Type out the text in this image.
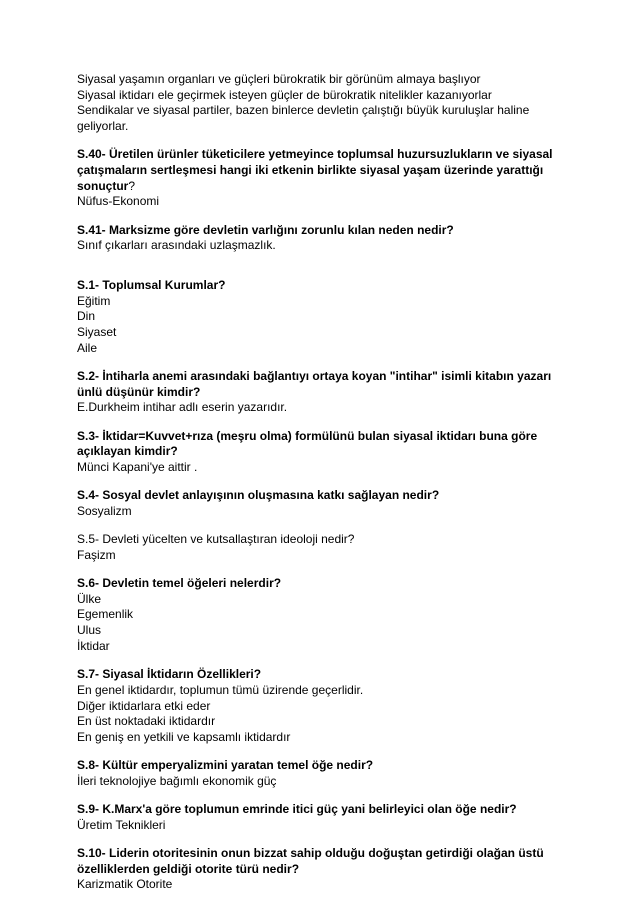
Siyasal yaşamın organları ve güçleri bürokratik bir görünüm almaya başlıyor
Siyasal iktidarı ele geçirmek isteyen güçler de bürokratik nitelikler kazanıyorlar
Sendikalar ve siyasal partiler, bazen binlerce devletin çalıştığı büyük kuruluşlar haline
geliyorlar.
S.40- Üretilen ürünler tüketicilere yetmeyince toplumsal huzursuzlukların ve siyasal
çatışmaların sertleşmesi hangi iki etkenin birlikte siyasal yaşam üzerinde yarattığı
sonuçtur?
Nüfus-Ekonomi
S.41- Marksizme göre devletin varlığını zorunlu kılan neden nedir?
Sınıf çıkarları arasındaki uzlaşmazlık.
S.1- Toplumsal Kurumlar?
Eğitim
Din
Siyaset
Aile
S.2- İntiharla anemi arasındaki bağlantıyı ortaya koyan "intihar" isimli kitabın yazarı
ünlü düşünür kimdir?
E.Durkheim intihar adlı eserin yazarıdır.
S.3- İktidar=Kuvvet+rıza (meşru olma) formülünü bulan siyasal iktidarı buna göre
açıklayan kimdir?
Münci Kapani'ye aittir .
S.4- Sosyal devlet anlayışının oluşmasına katkı sağlayan nedir?
Sosyalizm
S.5- Devleti yücelten ve kutsallaştıran ideoloji nedir?
Faşizm
S.6- Devletin temel öğeleri nelerdir?
Ülke
Egemenlik
Ulus
İktidar
S.7- Siyasal İktidarın Özellikleri?
En genel iktidardır, toplumun tümü üzirende geçerlidir.
Diğer iktidarlara etki eder
En üst noktadaki iktidardır
En geniş en yetkili ve kapsamlı iktidardır
S.8- Kültür emperyalizmini yaratan temel öğe nedir?
İleri teknolojiye bağımlı ekonomik güç
S.9- K.Marx'a göre toplumun emrinde itici güç yani belirleyici olan öğe nedir?
Üretim Teknikleri
S.10- Liderin otoritesinin onun bizzat sahip olduğu doğuştan getirdiği olağan üstü
özelliklerden geldiği otorite türü nedir?
Karizmatik Otorite
